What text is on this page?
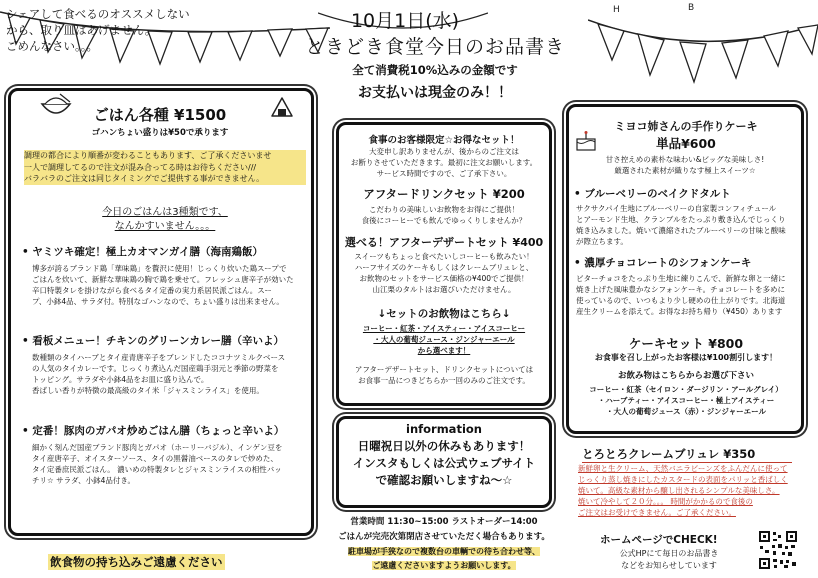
H	B
シェアして食べるのオススメしない
から、取り皿はあげません。
ごめんなさい。。。
10月1日(水)
ときどき食堂今日のお品書き
全て消費税10%込みの金額です
お支払いは現金のみ！！
ごはん各種 ¥1500
ゴハンちょい盛りは¥50で承ります
調理の都合により順番が変わることもあります、ご了承くださいませ
一人で調理してるので注文が混み合ってる時はお待ちください///
バラバラのご注文は同じタイミングでご提供する事ができません。
今日のごはんは3種類です、
なんかすいません。。。
• ヤミツキ確定！極上カオマンガイ膳（海南鶏飯）
博多が誇るブランド鶏「華味鶏」を贅沢に使用！じっくり炊いた鶏スープで
ごはんを炊いて、新鮮な華味鶏の胸で鶏を乗せて。フレッシュ唐辛子が効いた
辛口特製タレを掛けながら食べるタイ定番の実力系居民派ごはん。スー
プ、小鉢4品、サラダ付。特別なゴハンなので、ちょい盛りは出来ません。
• 看板メニュー！チキンのグリーンカレー膳（辛いよ）
数種類のタイハーブとタイ産青唐辛子をブレンドしたココナツミルクベース
の人気のタイカレーです。じっくり煮込んだ国産鶏手羽元と季節の野菜を
トッピング。サラダや小鉢4品をお皿に盛り込んで。
香ばしい香りが特徴の最高級のタイ米「ジャスミンライス」を使用。
• 定番！豚肉のガパオ炒めごはん膳（ちょっと辛いよ）
細かく刻んだ国産ブランド豚肉とガパオ（ホーリーバジル）、インゲン豆を
タイ産唐辛子、オイスターソース、タイの黒醤油ベースのタレで炒めた、
タイ定番庶民派ごはん。 濃いめの特製タレとジャスミンライスの相性バッ
チリ☆ サラダ、小鉢4品付き。
飲食物の持ち込みご遠慮ください
食事のお客様限定☆お得なセット！
大変申し訳ありませんが、後からのご注文は
お断りさせていただきます。最初に注文お願いします。
サービス時間ですので、ご了承下さい。
アフタードリンクセット ¥200
こだわりの美味しいお飲物をお得にご提供！
食後にコーヒーでも飲んでゆっくりしませんか？
選べる！アフターデザートセット ¥400
スイーツもちょっと食べたいしコーヒーも飲みたい！
ハーフサイズのケーキもしくはクレームブリュレと、
お飲物のセットをサービス価格の¥400でご提供！
山江栗のタルトはお選びいただけません。
↓セットのお飲物はこちら↓
コーヒー・紅茶・アイスティー・アイスコーヒー
・大人の葡萄ジュース・ジンジャーエール
から選べます！
アフターデザートセット、ドリンクセットについては
お食事一品につきどちらか一回のみのご注文です。
information
日曜祝日以外の休みもあります！
インスタもしくは公式ウェブサイト
で確認お願いしますね〜☆
営業時間 11:30~15:00 ラストオーダー14:00
ごはんが完売次第閉店させていただく場合もあります。
駐車場が手狭なので複数台の車輌での待ち合わせ等、
ご遠慮くださいますようお願いします。
ミヨコ姉さんの手作りケーキ
単品¥600
甘さ控えめの素朴な味わい&ビッグな美味しさ!
厳選された素材が織りなす極上スイーツ☆
• ブルーベリーのベイクドタルト
サクサクパイ生地にブルーベリーの自家製コンフィチュール
とアーモンド生地、クランブルをたっぷり敷き込んでじっくり
焼き込みました。焼いて濃縮されたブルーベリーの甘味と酸味
が際立ちます。
• 濃厚チョコレートのシフォンケーキ
ビターチョコをたっぷり生地に練りこんで、新鮮な卵と一緒に
焼き上げた風味豊かなシフォンケーキ。チョコレートを多めに
使っているので、いつもより少し硬めの仕上がりです。北海道
産生クリームを添えて。お得なお持ち帰り（¥450）あります
ケーキセット ¥800
お食事を召し上がったお客様は¥100割引します！
お飲み物はこちらからお選び下さい
コーヒー・紅茶（セイロン・ダージリン・アールグレイ）
・ハーブティー・アイスコーヒー・極上アイスティー
・大人の葡萄ジュース（赤）・ジンジャーエール
とろとろクレームブリュレ ¥350
新鮮卵と生クリーム、天然バニラビーンズをふんだんに使って
じっくり蒸し焼きにしたカスタードの表面をパリッと香ばしく
焼いて。高級な素材から醸し出されるシンプルな美味しさ。
焼いて冷やして２０分。。。 時間がかかるので食後の
ご注文はお受けできません。ご了承ください。
ホームページでCHECK!
公式HPにて毎日のお品書き
などをお知らせしています
